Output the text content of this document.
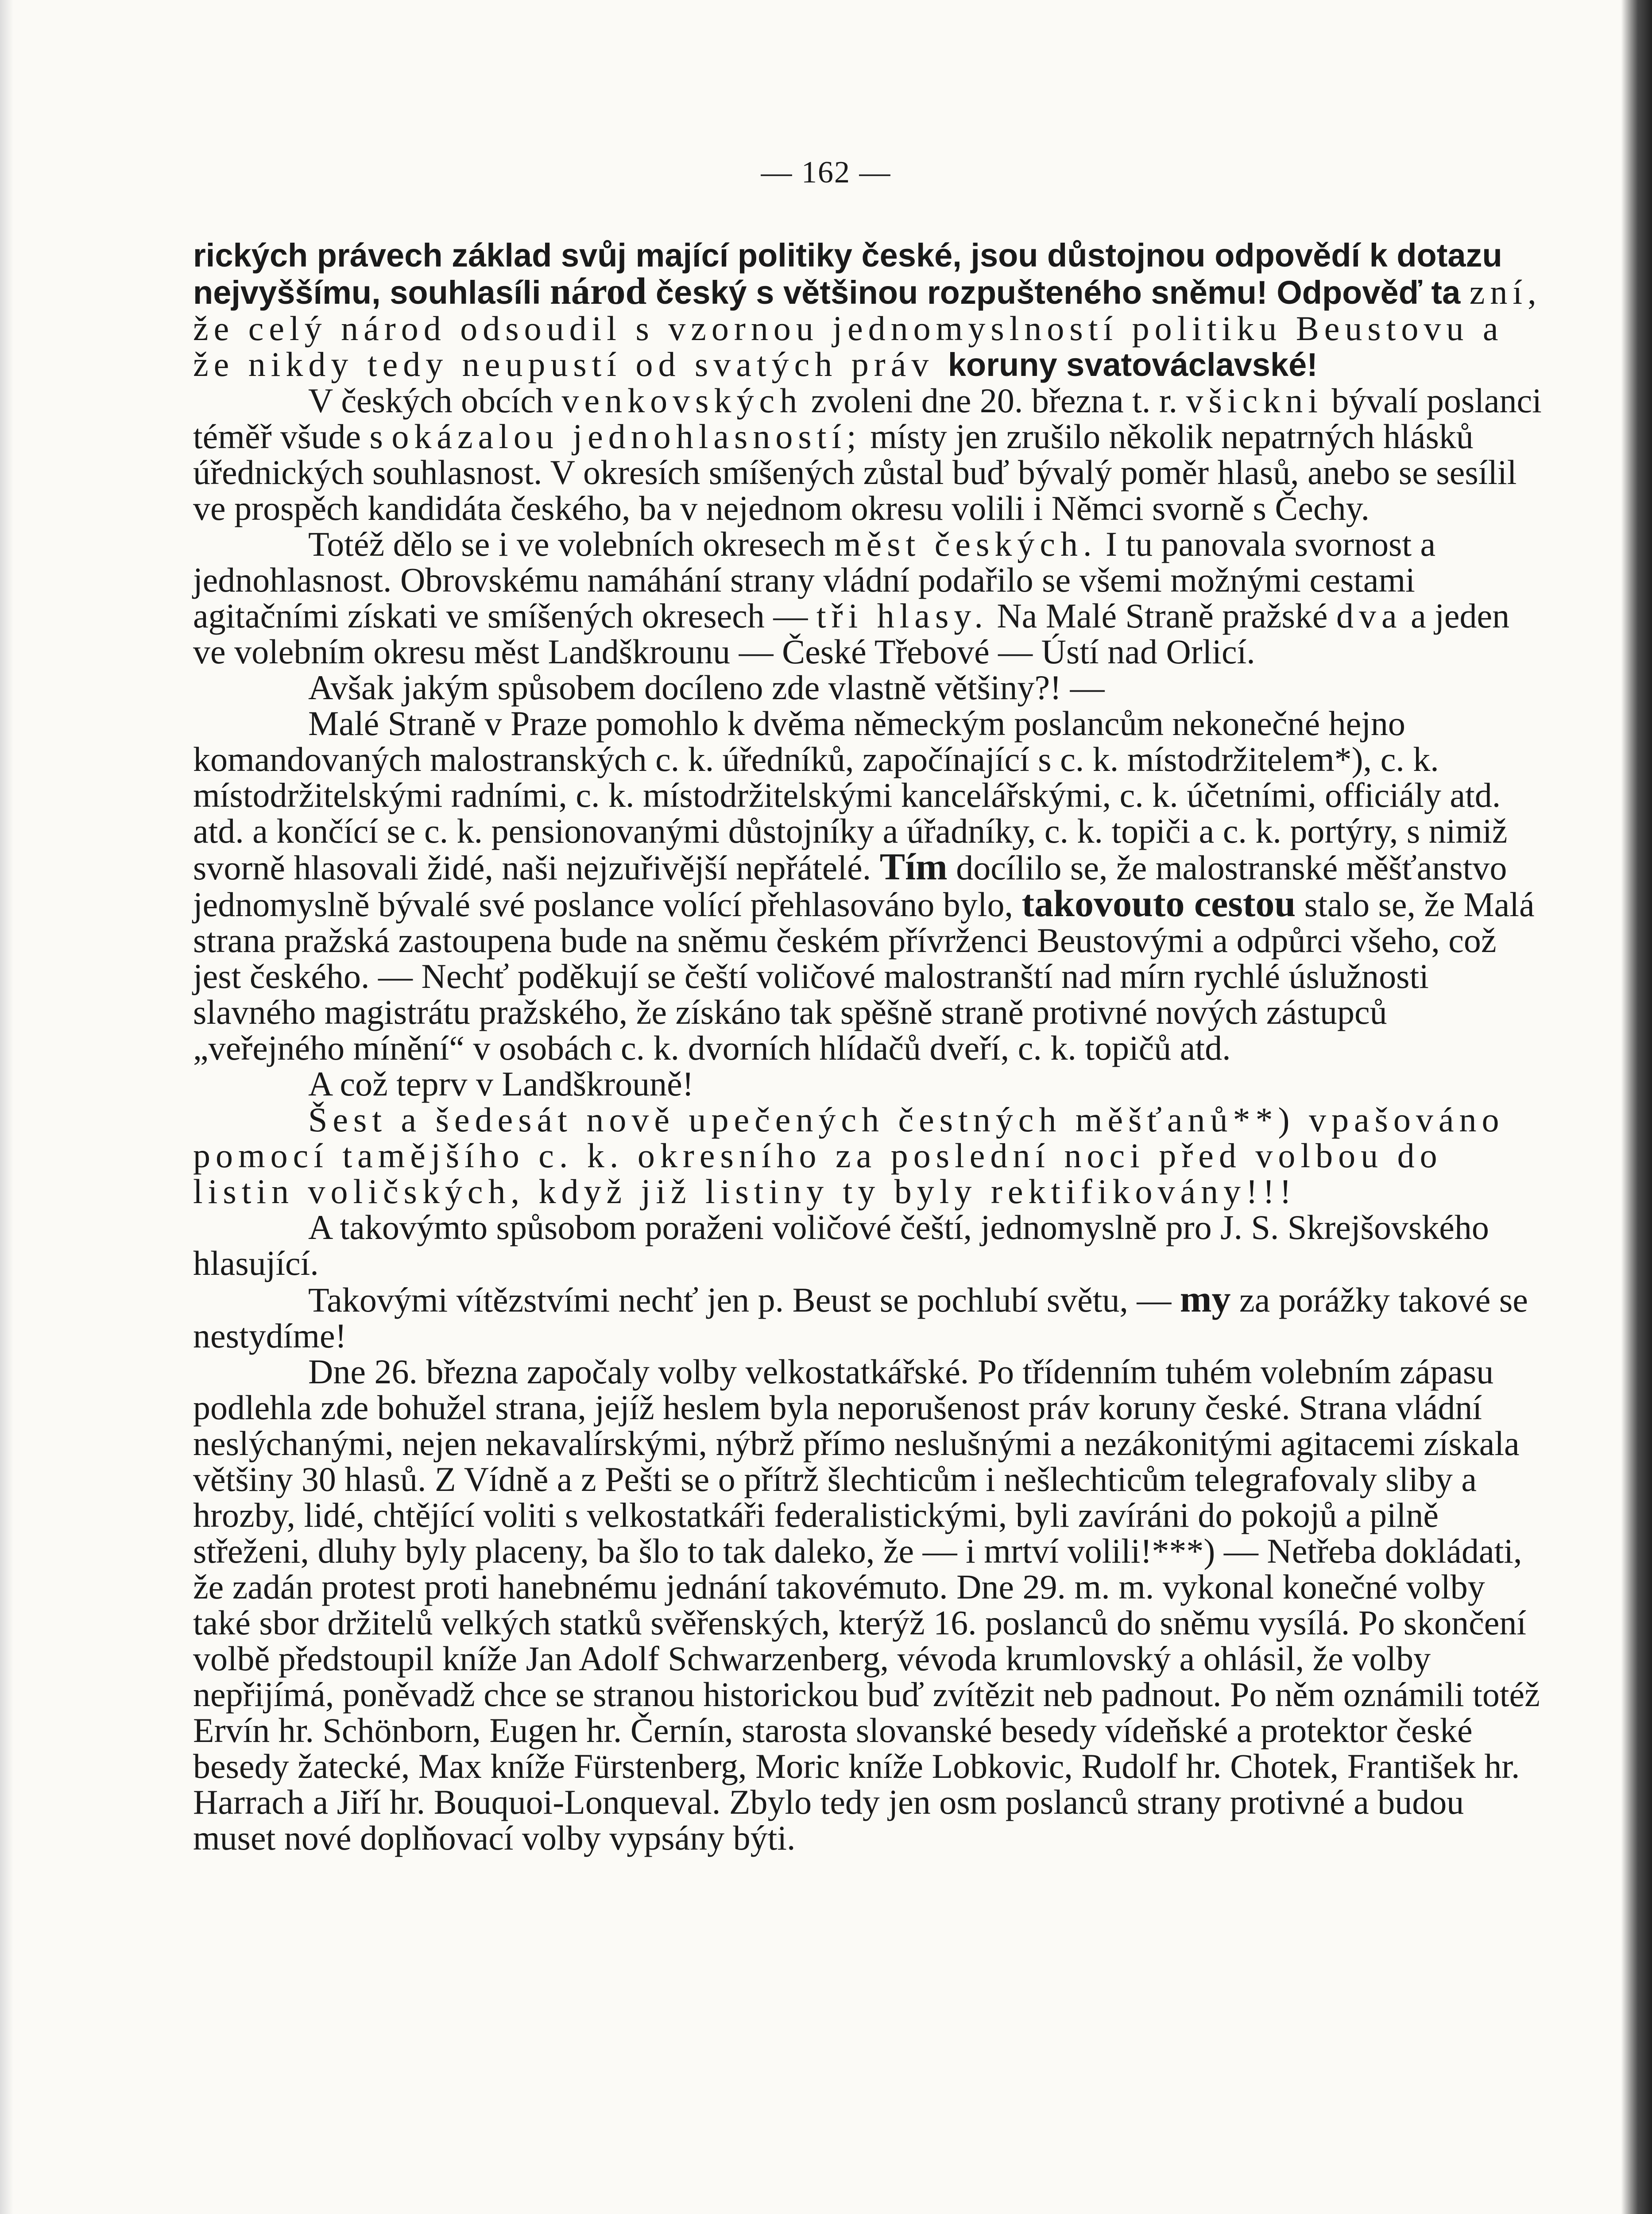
— 162 —

rických právech základ svůj mající politiky české, jsou důstojnou odpovědí k dotazu nejvyššímu, souhlasíli národ český s většinou rozpušteného sněmu! Odpověď ta zní, že celý národ odsoudil s vzornou jednomyslností politiku Beustovu a že nikdy tedy neupustí od svatých práv koruny svatováclavské!

V českých obcích venkovských zvoleni dne 20. března t. r. všickni bývalí poslanci téměř všude s okázalou jednohlasností; místy jen zrušilo několik nepatrných hlásků úřednických souhlasnost. V okresích smíšených zůstal buď bývalý poměr hlasů, anebo se sesílil ve prospěch kandidáta českého, ba v nejednom okresu volili i Němci svorně s Čechy.

Totéž dělo se i ve volebních okresech měst českých. I tu panovala svornost a jednohlasnost. Obrovskému namáhání strany vládní podařilo se všemi možnými cestami agitačními získati ve smíšených okresech — tři hlasy. Na Malé Straně pražské dva a jeden ve volebním okresu měst Landškrounu — České Třebové — Ústí nad Orlicí.

Avšak jakým spůsobem docíleno zde vlastně většiny?! —

Malé Straně v Praze pomohlo k dvěma německým poslancům nekonečné hejno komandovaných malostranských c. k. úředníků, započínající s c. k. místodržitelem*), c. k. místodržitelskými radními, c. k. místodržitelskými kancelářskými, c. k. účetními, officiály atd. atd. a končící se c. k. pensionovanými důstojníky a úřadníky, c. k. topiči a c. k. portýry, s nimiž svorně hlasovali židé, naši nejzuřivější nepřátelé. Tím docílilo se, že malostranské měšťanstvo jednomyslně bývalé své poslance volící přehlasováno bylo, takovouto cestou stalo se, že Malá strana pražská zastoupena bude na sněmu českém přívrženci Beustovými a odpůrci všeho, což jest českého. — Nechť poděkují se čeští voličové malostranští nad mírn rychlé úslužnosti slavného magistrátu pražského, že získáno tak spěšně straně protivné nových zástupců „veřejného mínění“ v osobách c. k. dvorních hlídačů dveří, c. k. topičů atd.

A což teprv v Landškrouně!

Šest a šedesát nově upečených čestných měšťanů**) vpašováno pomocí tamějšího c. k. okresního za poslední noci před volbou do listin voličských, když již listiny ty byly rektifikovány!!!

A takovýmto spůsobom poraženi voličové čeští, jednomyslně pro J. S. Skrejšovského hlasující.

Takovými vítězstvími nechť jen p. Beust se pochlubí světu, — my za porážky takové se nestydíme!

Dne 26. března započaly volby velkostatkářské. Po třídenním tuhém volebním zápasu podlehla zde bohužel strana, jejíž heslem byla neporušenost práv koruny české. Strana vládní neslýchanými, nejen nekavalírskými, nýbrž přímo neslušnými a nezákonitými agitacemi získala většiny 30 hlasů. Z Vídně a z Pešti se o přítrž šlechticům i nešlechticům telegrafovaly sliby a hrozby, lidé, chtějící voliti s velkostatkáři federalistickými, byli zavíráni do pokojů a pilně střeženi, dluhy byly placeny, ba šlo to tak daleko, že — i mrtví volili!***) — Netřeba dokládati, že zadán protest proti hanebnému jednání takovémuto. Dne 29. m. m. vykonal konečné volby také sbor držitelů velkých statků svěřenských, kterýž 16. poslanců do sněmu vysílá. Po skončení volbě předstoupil kníže Jan Adolf Schwarzenberg, vévoda krumlovský a ohlásil, že volby nepřijímá, poněvadž chce se stranou historickou buď zvítězit neb padnout. Po něm oznámili totéž Ervín hr. Schönborn, Eugen hr. Černín, starosta slovanské besedy vídeňské a protektor české besedy žatecké, Max kníže Fürstenberg, Moric kníže Lobkovic, Rudolf hr. Chotek, František hr. Harrach a Jiří hr. Bouquoi-Lonqueval. Zbylo tedy jen osm poslanců strany protivné a budou muset nové doplňovací volby vypsány býti.
